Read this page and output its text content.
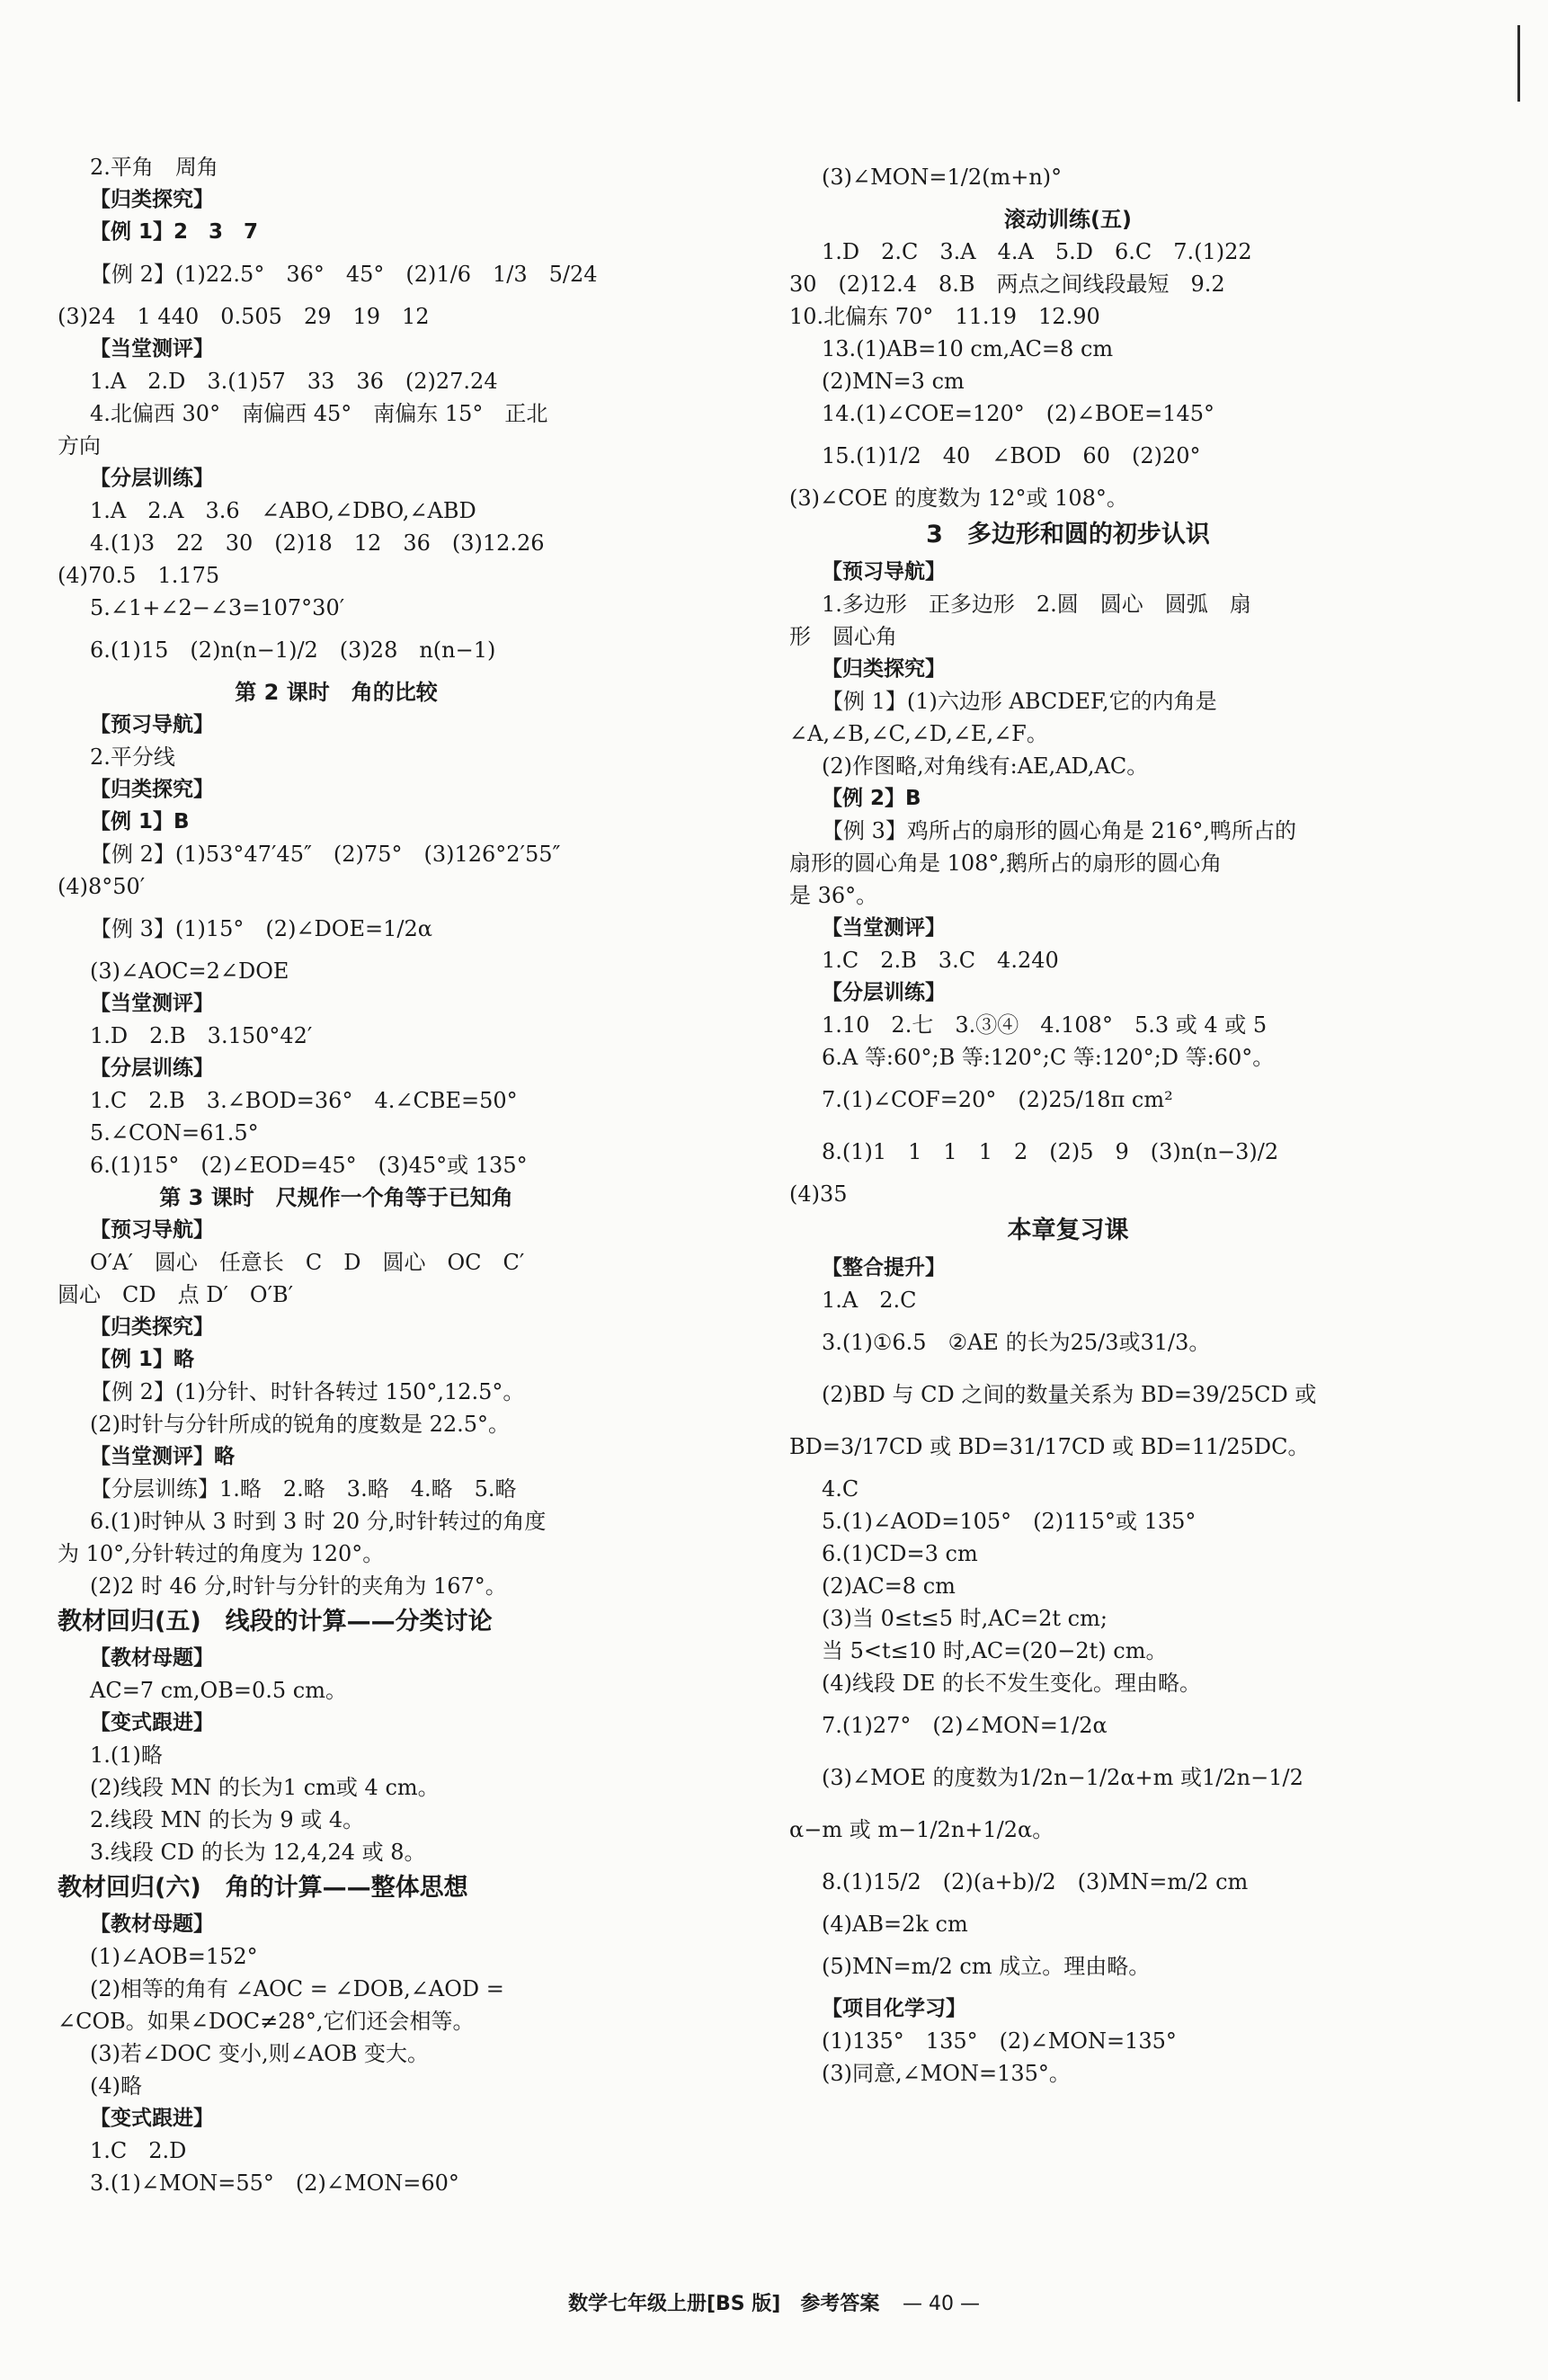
2.平角　周角
【归类探究】
【例 1】2　3　7
【例 2】(1)22.5°　36°　45°　(2)1/6　1/3　5/24
(3)24　1 440　0.505　29　19　12
【当堂测评】
1.A　2.D　3.(1)57　33　36　(2)27.24
4.北偏西 30°　南偏西 45°　南偏东 15°　正北
方向
【分层训练】
1.A　2.A　3.6　∠ABO,∠DBO,∠ABD
4.(1)3　22　30　(2)18　12　36　(3)12.26
(4)70.5　1.175
5.∠1+∠2−∠3=107°30′
6.(1)15　(2)n(n−1)/2　(3)28　n(n−1)
第 2 课时　角的比较
【预习导航】
2.平分线
【归类探究】
【例 1】B
【例 2】(1)53°47′45″　(2)75°　(3)126°2′55″
(4)8°50′
【例 3】(1)15°　(2)∠DOE=1/2α
(3)∠AOC=2∠DOE
【当堂测评】
1.D　2.B　3.150°42′
【分层训练】
1.C　2.B　3.∠BOD=36°　4.∠CBE=50°
5.∠CON=61.5°
6.(1)15°　(2)∠EOD=45°　(3)45°或 135°
第 3 课时　尺规作一个角等于已知角
【预习导航】
O′A′　圆心　任意长　C　D　圆心　OC　C′
圆心　CD　点 D′　O′B′
【归类探究】
【例 1】略
【例 2】(1)分针、时针各转过 150°,12.5°。
(2)时针与分针所成的锐角的度数是 22.5°。
【当堂测评】略
【分层训练】1.略　2.略　3.略　4.略　5.略
6.(1)时钟从 3 时到 3 时 20 分,时针转过的角度
为 10°,分针转过的角度为 120°。
(2)2 时 46 分,时针与分针的夹角为 167°。
教材回归(五)　线段的计算——分类讨论
【教材母题】
AC=7 cm,OB=0.5 cm。
【变式跟进】
1.(1)略
(2)线段 MN 的长为1 cm或 4 cm。
2.线段 MN 的长为 9 或 4。
3.线段 CD 的长为 12,4,24 或 8。
教材回归(六)　角的计算——整体思想
【教材母题】
(1)∠AOB=152°
(2)相等的角有 ∠AOC = ∠DOB,∠AOD =
∠COB。如果∠DOC≠28°,它们还会相等。
(3)若∠DOC 变小,则∠AOB 变大。
(4)略
【变式跟进】
1.C　2.D
3.(1)∠MON=55°　(2)∠MON=60°
(3)∠MON=1/2(m+n)°
滚动训练(五)
1.D　2.C　3.A　4.A　5.D　6.C　7.(1)22
30　(2)12.4　8.B　两点之间线段最短　9.2
10.北偏东 70°　11.19　12.90
13.(1)AB=10 cm,AC=8 cm
(2)MN=3 cm
14.(1)∠COE=120°　(2)∠BOE=145°
15.(1)1/2　40　∠BOD　60　(2)20°
(3)∠COE 的度数为 12°或 108°。
3　多边形和圆的初步认识
【预习导航】
1.多边形　正多边形　2.圆　圆心　圆弧　扇
形　圆心角
【归类探究】
【例 1】(1)六边形 ABCDEF,它的内角是
∠A,∠B,∠C,∠D,∠E,∠F。
(2)作图略,对角线有:AE,AD,AC。
【例 2】B
【例 3】鸡所占的扇形的圆心角是 216°,鸭所占的
扇形的圆心角是 108°,鹅所占的扇形的圆心角
是 36°。
【当堂测评】
1.C　2.B　3.C　4.240
【分层训练】
1.10　2.七　3.③④　4.108°　5.3 或 4 或 5
6.A 等:60°;B 等:120°;C 等:120°;D 等:60°。
7.(1)∠COF=20°　(2)25/18π cm²
8.(1)1　1　1　1　2　(2)5　9　(3)n(n−3)/2
(4)35
本章复习课
【整合提升】
1.A　2.C
3.(1)①6.5　②AE 的长为25/3或31/3。
(2)BD 与 CD 之间的数量关系为 BD=39/25CD 或
BD=3/17CD 或 BD=31/17CD 或 BD=11/25DC。
4.C
5.(1)∠AOD=105°　(2)115°或 135°
6.(1)CD=3 cm
(2)AC=8 cm
(3)当 0≤t≤5 时,AC=2t cm;
当 5<t≤10 时,AC=(20−2t) cm。
(4)线段 DE 的长不发生变化。理由略。
7.(1)27°　(2)∠MON=1/2α
(3)∠MOE 的度数为1/2n−1/2α+m 或1/2n−1/2
α−m 或 m−1/2n+1/2α。
8.(1)15/2　(2)(a+b)/2　(3)MN=m/2 cm
(4)AB=2k cm
(5)MN=m/2 cm 成立。理由略。
【项目化学习】
(1)135°　135°　(2)∠MON=135°
(3)同意,∠MON=135°。
数学七年级上册[BS 版]　参考答案 — 40 —
